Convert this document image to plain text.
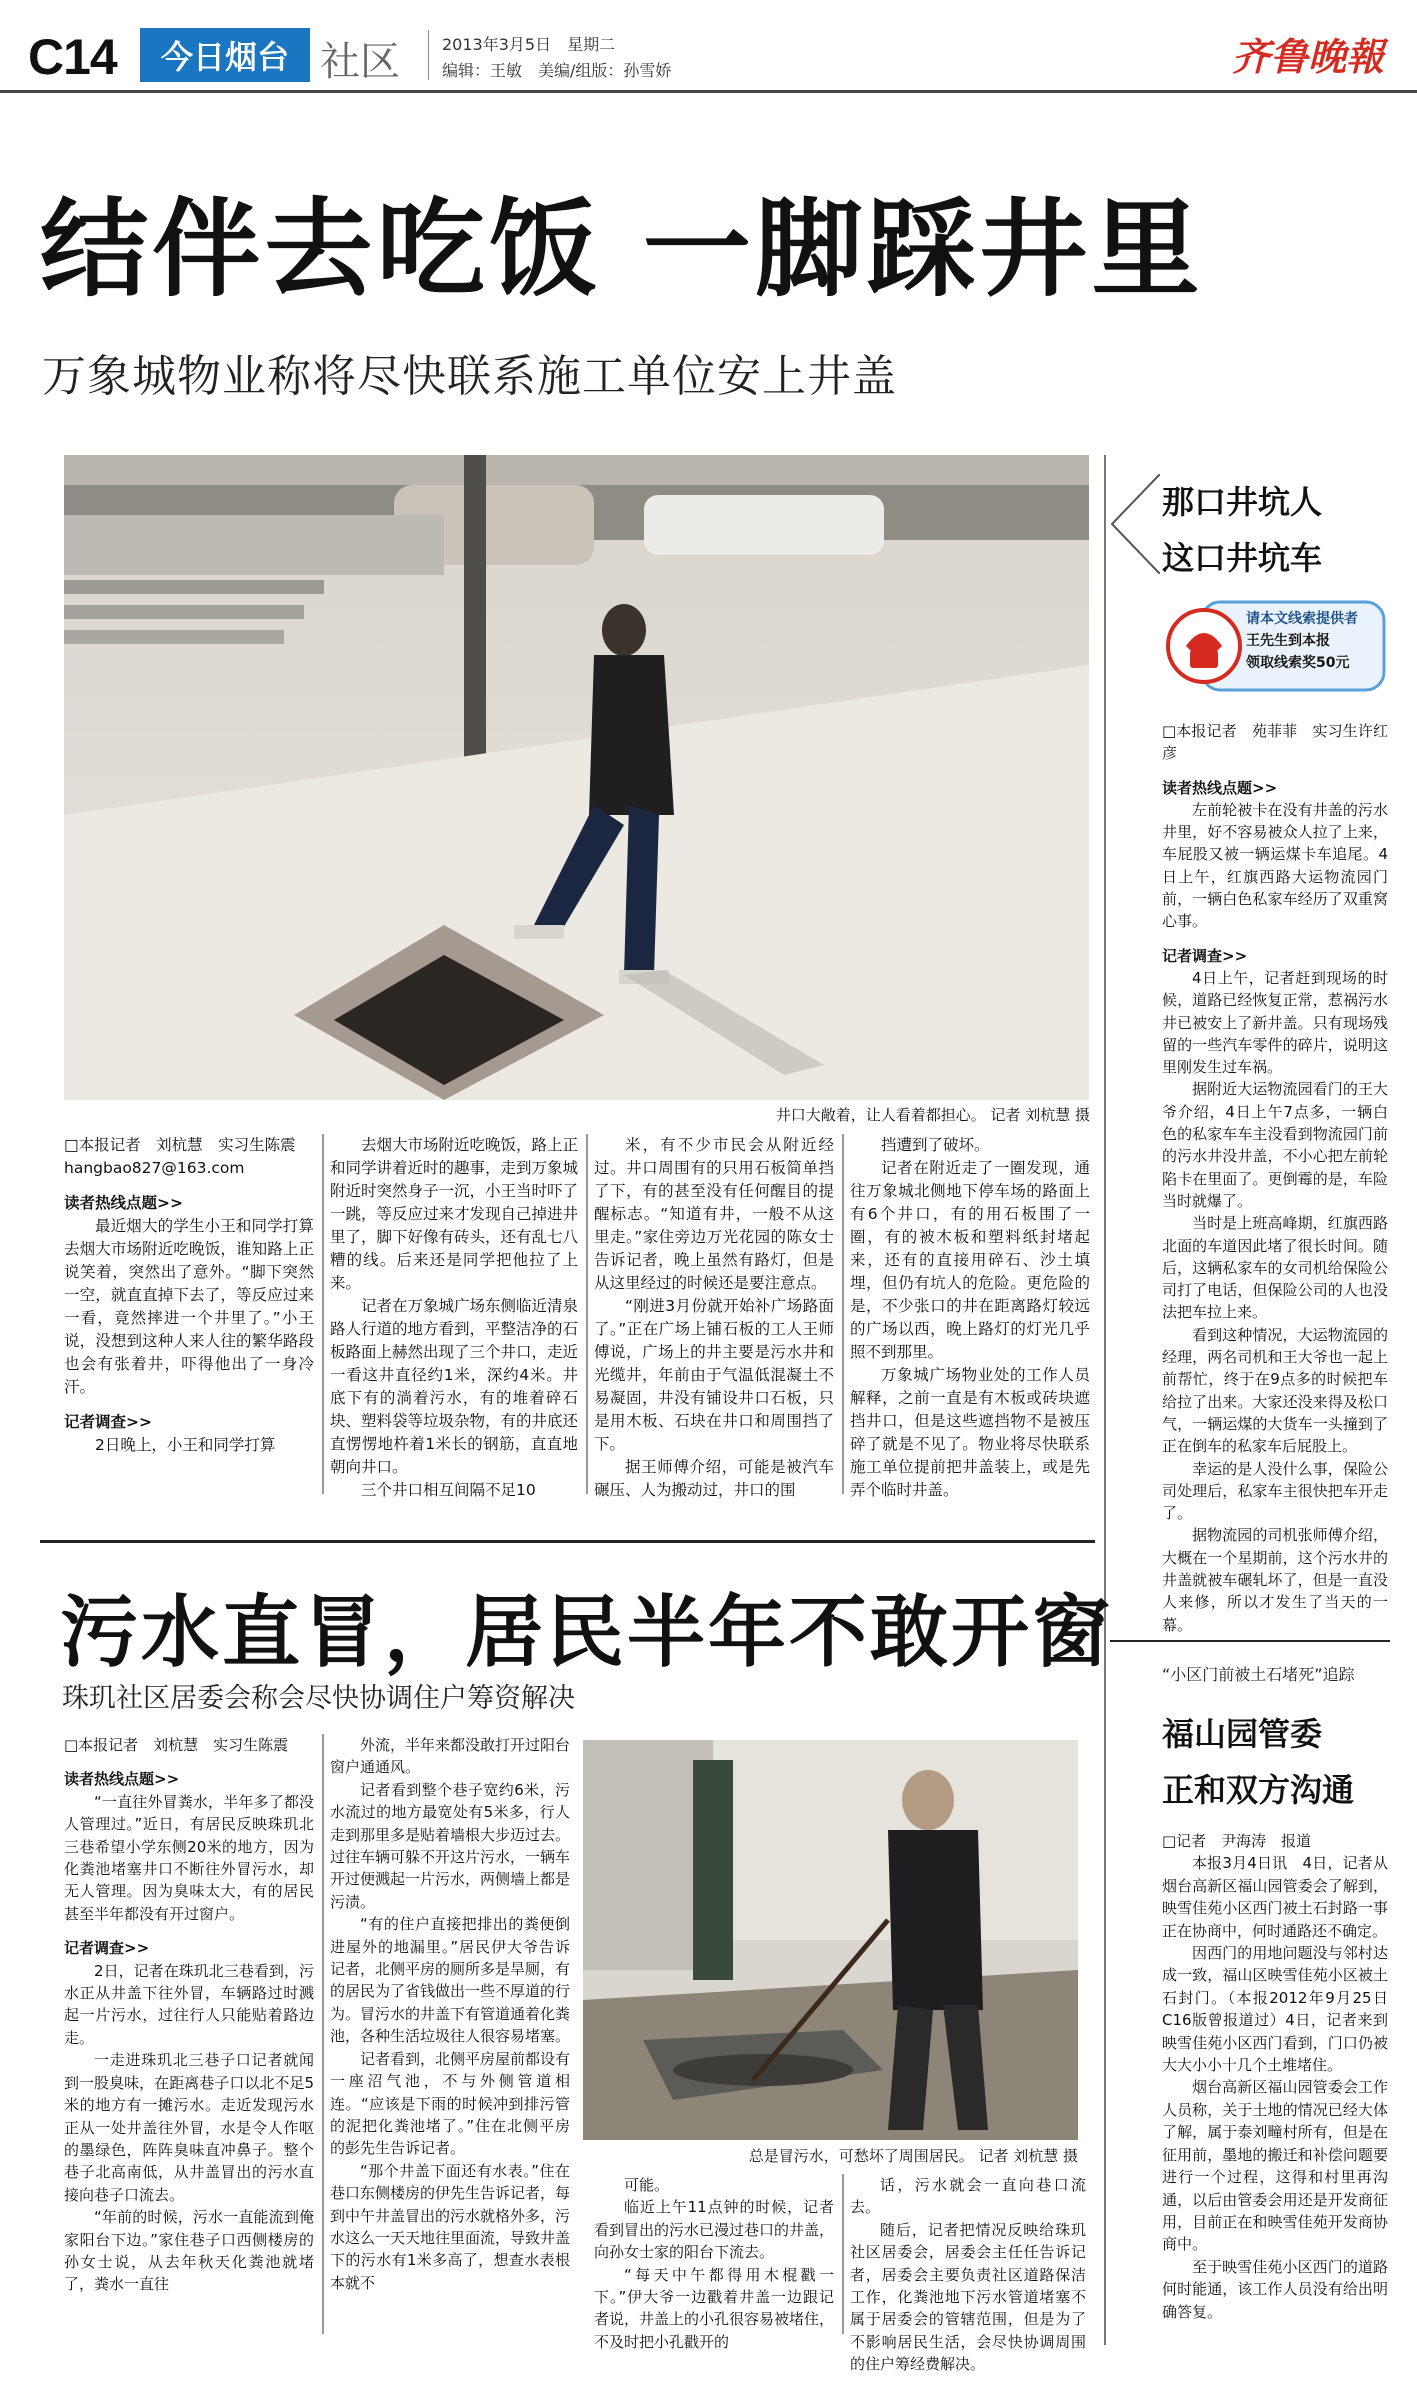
C14	今日烟台 社区	2013年3月5日　星期二
编辑：王敏　美编/组版：孙雪娇	齐鲁晚報
结伴去吃饭 一脚踩井里
万象城物业称将尽快联系施工单位安上井盖
井口大敞着，让人看着都担心。 记者 刘杭慧 摄

□本报记者　刘杭慧　实习生陈震

hangbao827@163.com

读者热线点题>>

最近烟大的学生小王和同学打算去烟大市场附近吃晚饭，谁知路上正说笑着，突然出了意外。“脚下突然一空，就直直掉下去了，等反应过来一看，竟然摔进一个井里了。”小王说，没想到这种人来人往的繁华路段也会有张着井，吓得他出了一身冷汗。

记者调查>>

2日晚上，小王和同学打算

去烟大市场附近吃晚饭，路上正和同学讲着近时的趣事，走到万象城附近时突然身子一沉，小王当时吓了一跳，等反应过来才发现自己掉进井里了，脚下好像有砖头，还有乱七八糟的线。后来还是同学把他拉了上来。

记者在万象城广场东侧临近清泉路人行道的地方看到，平整洁净的石板路面上赫然出现了三个井口，走近一看这井直径约1米，深约4米。井底下有的淌着污水，有的堆着碎石块、塑料袋等垃圾杂物，有的井底还直愣愣地杵着1米长的钢筋，直直地朝向井口。

三个井口相互间隔不足10

米，有不少市民会从附近经过。井口周围有的只用石板简单挡了下，有的甚至没有任何醒目的提醒标志。“知道有井，一般不从这里走。”家住旁边万光花园的陈女士告诉记者，晚上虽然有路灯，但是从这里经过的时候还是要注意点。

“刚进3月份就开始补广场路面了。”正在广场上铺石板的工人王师傅说，广场上的井主要是污水井和光缆井，年前由于气温低混凝土不易凝固，井没有铺设井口石板，只是用木板、石块在井口和周围挡了下。

据王师傅介绍，可能是被汽车碾压、人为搬动过，井口的围

挡遭到了破坏。

记者在附近走了一圈发现，通往万象城北侧地下停车场的路面上有6个井口，有的用石板围了一圈，有的被木板和塑料纸封堵起来，还有的直接用碎石、沙土填埋，但仍有坑人的危险。更危险的是，不少张口的井在距离路灯较远的广场以西，晚上路灯的灯光几乎照不到那里。

万象城广场物业处的工作人员解释，之前一直是有木板或砖块遮挡井口，但是这些遮挡物不是被压碎了就是不见了。物业将尽快联系施工单位提前把井盖装上，或是先弄个临时井盖。

那口井坑人
这口井坑车
请本文线索提供者
王先生到本报
领取线索奖50元

□本报记者　苑菲菲　实习生许红彦

读者热线点题>>

左前轮被卡在没有井盖的污水井里，好不容易被众人拉了上来，车屁股又被一辆运煤卡车追尾。4日上午，红旗西路大运物流园门前，一辆白色私家车经历了双重窝心事。

记者调查>>

4日上午，记者赶到现场的时候，道路已经恢复正常，惹祸污水井已被安上了新井盖。只有现场残留的一些汽车零件的碎片，说明这里刚发生过车祸。

据附近大运物流园看门的王大爷介绍，4日上午7点多，一辆白色的私家车车主没看到物流园门前的污水井没井盖，不小心把左前轮陷卡在里面了。更倒霉的是，车险当时就爆了。

当时是上班高峰期，红旗西路北面的车道因此堵了很长时间。随后，这辆私家车的女司机给保险公司打了电话，但保险公司的人也没法把车拉上来。

看到这种情况，大运物流园的经理，两名司机和王大爷也一起上前帮忙，终于在9点多的时候把车给拉了出来。大家还没来得及松口气，一辆运煤的大货车一头撞到了正在倒车的私家车后屁股上。

幸运的是人没什么事，保险公司处理后，私家车主很快把车开走了。

据物流园的司机张师傅介绍，大概在一个星期前，这个污水井的井盖就被车碾轧坏了，但是一直没人来修，所以才发生了当天的一幕。

污水直冒，居民半年不敢开窗
珠玑社区居委会称会尽快协调住户筹资解决

□本报记者　刘杭慧　实习生陈震

读者热线点题>>

“一直往外冒粪水，半年多了都没人管理过。”近日，有居民反映珠玑北三巷希望小学东侧20米的地方，因为化粪池堵塞井口不断往外冒污水，却无人管理。因为臭味太大，有的居民甚至半年都没有开过窗户。

记者调查>>

2日，记者在珠玑北三巷看到，污水正从井盖下往外冒，车辆路过时溅起一片污水，过往行人只能贴着路边走。

一走进珠玑北三巷子口记者就闻到一股臭味，在距离巷子口以北不足5米的地方有一摊污水。走近发现污水正从一处井盖往外冒，水是令人作呕的墨绿色，阵阵臭味直冲鼻子。整个巷子北高南低，从井盖冒出的污水直接向巷子口流去。

“年前的时候，污水一直能流到俺家阳台下边。”家住巷子口西侧楼房的孙女士说，从去年秋天化粪池就堵了，粪水一直往

外流，半年来都没敢打开过阳台窗户通通风。

记者看到整个巷子宽约6米，污水流过的地方最宽处有5米多，行人走到那里多是贴着墙根大步迈过去。过往车辆可躲不开这片污水，一辆车开过便溅起一片污水，两侧墙上都是污渍。

“有的住户直接把排出的粪便倒进屋外的地漏里。”居民伊大爷告诉记者，北侧平房的厕所多是旱厕，有的居民为了省钱做出一些不厚道的行为。冒污水的井盖下有管道通着化粪池，各种生活垃圾往人很容易堵塞。

记者看到，北侧平房屋前都设有一座沼气池，不与外侧管道相连。“应该是下雨的时候冲到排污管的泥把化粪池堵了。”住在北侧平房的彭先生告诉记者。

“那个井盖下面还有水表。”住在巷口东侧楼房的伊先生告诉记者，每到中午井盖冒出的污水就格外多，污水这么一天天地往里面流，导致井盖下的污水有1米多高了，想查水表根本就不

总是冒污水，可愁坏了周围居民。 记者 刘杭慧 摄

可能。

临近上午11点钟的时候，记者看到冒出的污水已漫过巷口的井盖，向孙女士家的阳台下流去。

“每天中午都得用木棍戳一下。”伊大爷一边戳着井盖一边跟记者说，井盖上的小孔很容易被堵住，不及时把小孔戳开的

话，污水就会一直向巷口流去。

随后，记者把情况反映给珠玑社区居委会，居委会主任任告诉记者，居委会主要负责社区道路保洁工作，化粪池地下污水管道堵塞不属于居委会的管辖范围，但是为了不影响居民生活，会尽快协调周围的住户筹经费解决。

“小区门前被土石堵死”追踪
福山园管委
正和双方沟通

□记者　尹海涛　报道

本报3月4日讯　4日，记者从烟台高新区福山园管委会了解到，映雪佳苑小区西门被土石封路一事正在协商中，何时通路还不确定。

因西门的用地问题没与邻村达成一致，福山区映雪佳苑小区被土石封门。（本报2012年9月25日C16版曾报道过）4日，记者来到映雪佳苑小区西门看到，门口仍被大大小小十几个土堆堵住。

烟台高新区福山园管委会工作人员称，关于土地的情况已经大体了解，属于泰刘疃村所有，但是在征用前，墨地的搬迁和补偿问题要进行一个过程，这得和村里再沟通，以后由管委会用还是开发商征用，目前正在和映雪佳苑开发商协商中。

至于映雪佳苑小区西门的道路何时能通，该工作人员没有给出明确答复。
